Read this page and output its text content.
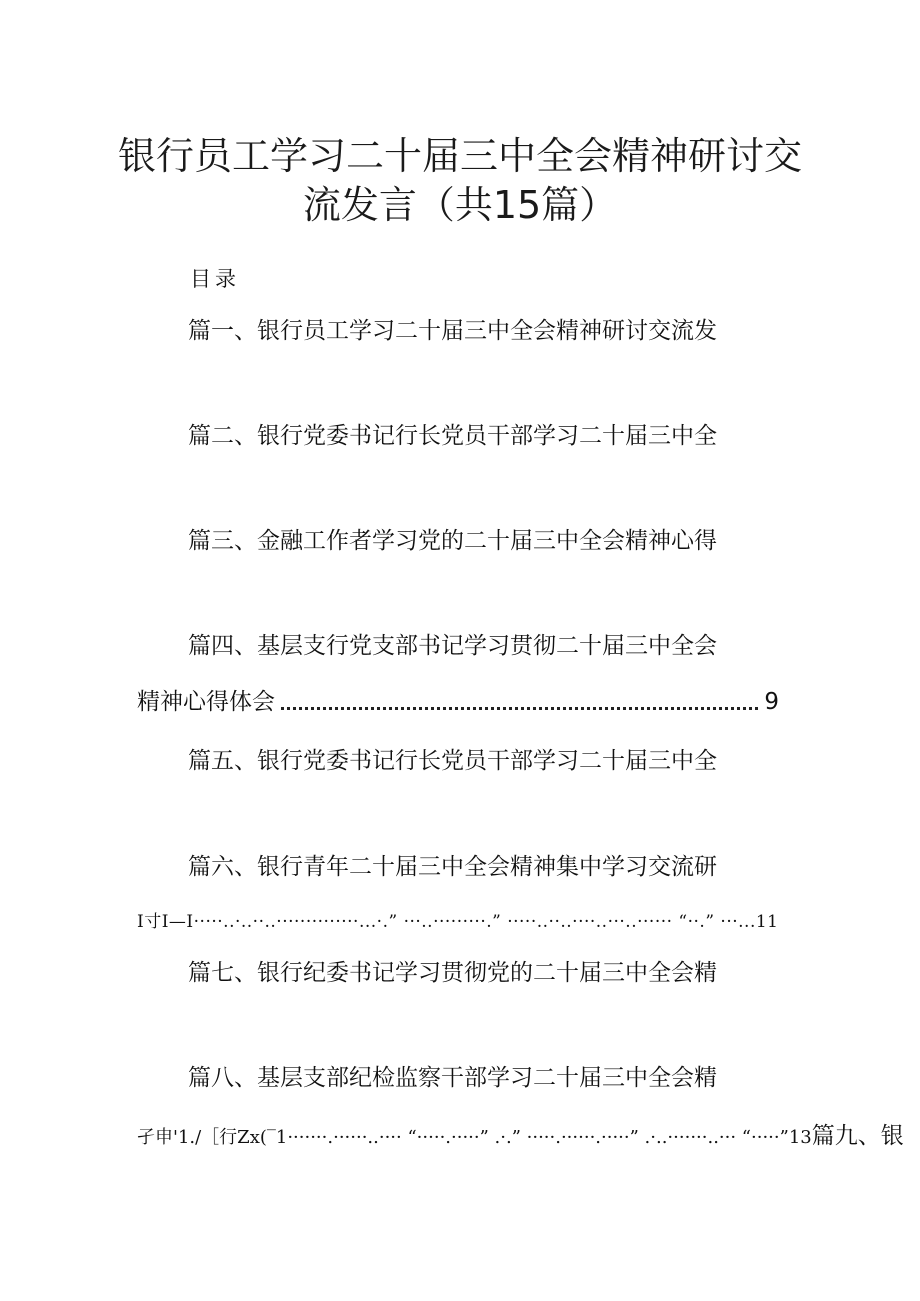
银行员工学习二十届三中全会精神研讨交
流发言（共15篇）
目录
篇一、银行员工学习二十届三中全会精神研讨交流发
篇二、银行党委书记行长党员干部学习二十届三中全
篇三、金融工作者学习党的二十届三中全会精神心得
篇四、基层支行党支部书记学习贯彻二十届三中全会
精神心得体会	9
篇五、银行党委书记行长党员干部学习二十届三中全
篇六、银行青年二十届三中全会精神集中学习交流研
I寸I—I·····..·..··..··············...·.” ···..·········.” ·····..··..····..···..······ “··.” ···...11
篇七、银行纪委书记学习贯彻党的二十届三中全会精
篇八、基层支部纪检监察干部学习二十届三中全会精
孑申'1./［行Zx(‾1·······.······..···· “·····.·····” .·.” ·····.······.·····” .·..·······..··· “·····”13篇九、银
